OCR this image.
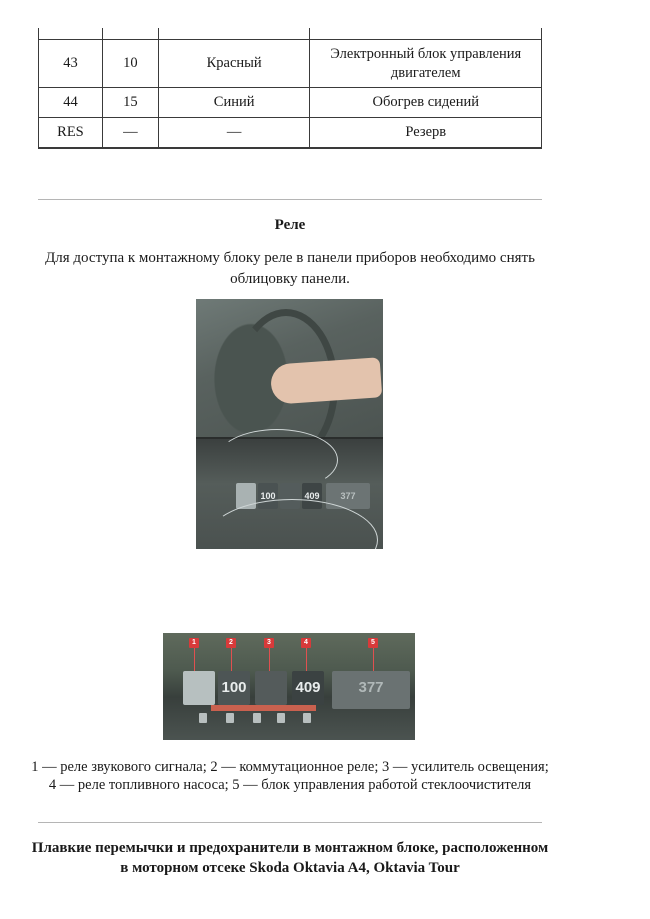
43	10	Красный	Электронный блок управления двигателем
44	15	Синий	Обогрев сидений
RES	—	—	Резерв
Реле
Для доступа к монтажному блоку реле в панели приборов необходимо снять облицовку панели.
100	409	377
1	2	3	4	5
100	409	377
1 — реле звукового сигнала; 2 — коммутационное реле; 3 — усилитель освещения; 4 — реле топливного насоса; 5 — блок управления работой стеклоочистителя
Плавкие перемычки и предохранители в монтажном блоке, расположенном в моторном отсеке Skoda Oktavia A4, Oktavia Tour
